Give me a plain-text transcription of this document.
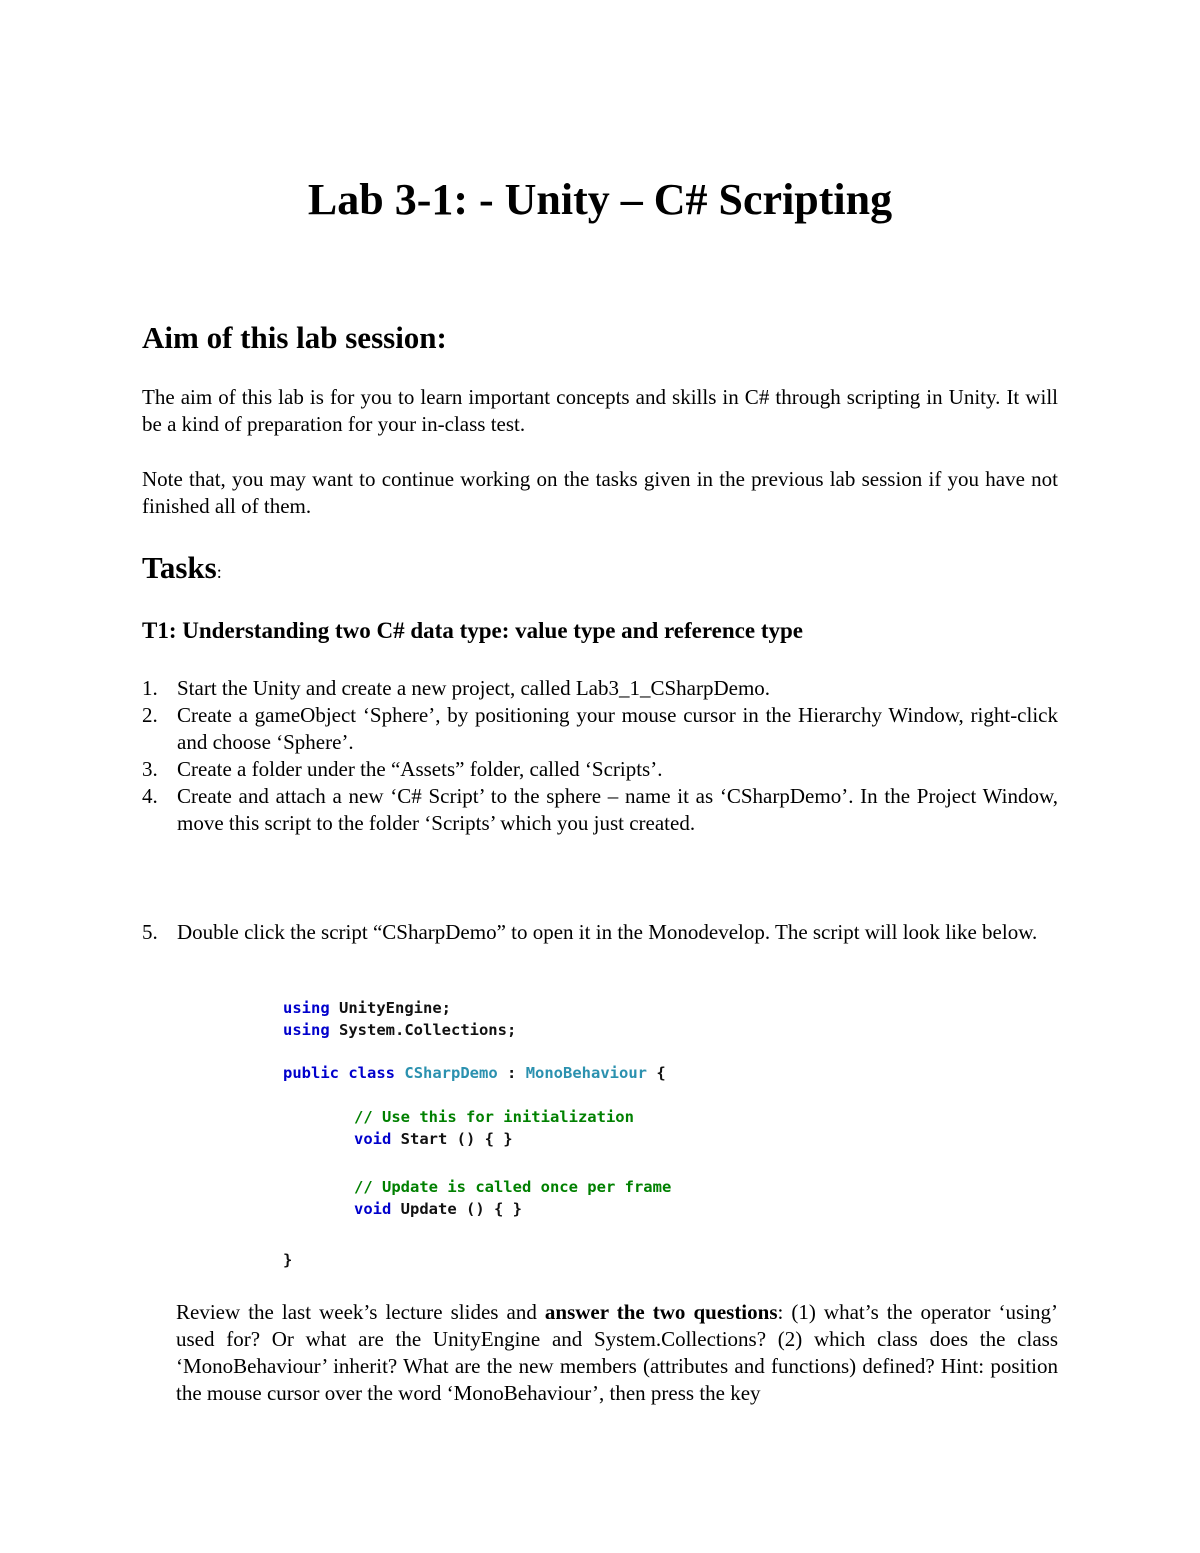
Lab 3-1: - Unity – C# Scripting
Aim of this lab session:
The aim of this lab is for you to learn important concepts and skills in C# through scripting in Unity. It will be a kind of preparation for your in-class test.
Note that, you may want to continue working on the tasks given in the previous lab session if you have not finished all of them.
Tasks:
T1: Understanding two C# data type: value type and reference type
1. Start the Unity and create a new project, called Lab3_1_CSharpDemo.
2. Create a gameObject ‘Sphere’, by positioning your mouse cursor in the Hierarchy Window, right-click and choose ‘Sphere’.
3. Create a folder under the “Assets” folder, called ‘Scripts’.
4. Create and attach a new ‘C# Script’ to the sphere – name it as ‘CSharpDemo’. In the Project Window, move this script to the folder ‘Scripts’ which you just created.
5. Double click the script “CSharpDemo” to open it in the Monodevelop. The script will look like below.
using UnityEngine;
using System.Collections;
public class CSharpDemo : MonoBehaviour {
// Use this for initialization
void Start () { }
// Update is called once per frame
void Update () { }
}
Review the last week’s lecture slides and answer the two questions: (1) what’s the operator ‘using’ used for? Or what are the UnityEngine and System.Collections? (2) which class does the class ‘MonoBehaviour’ inherit? What are the new members (attributes and functions) defined? Hint: position the mouse cursor over the word ‘MonoBehaviour’, then press the key
